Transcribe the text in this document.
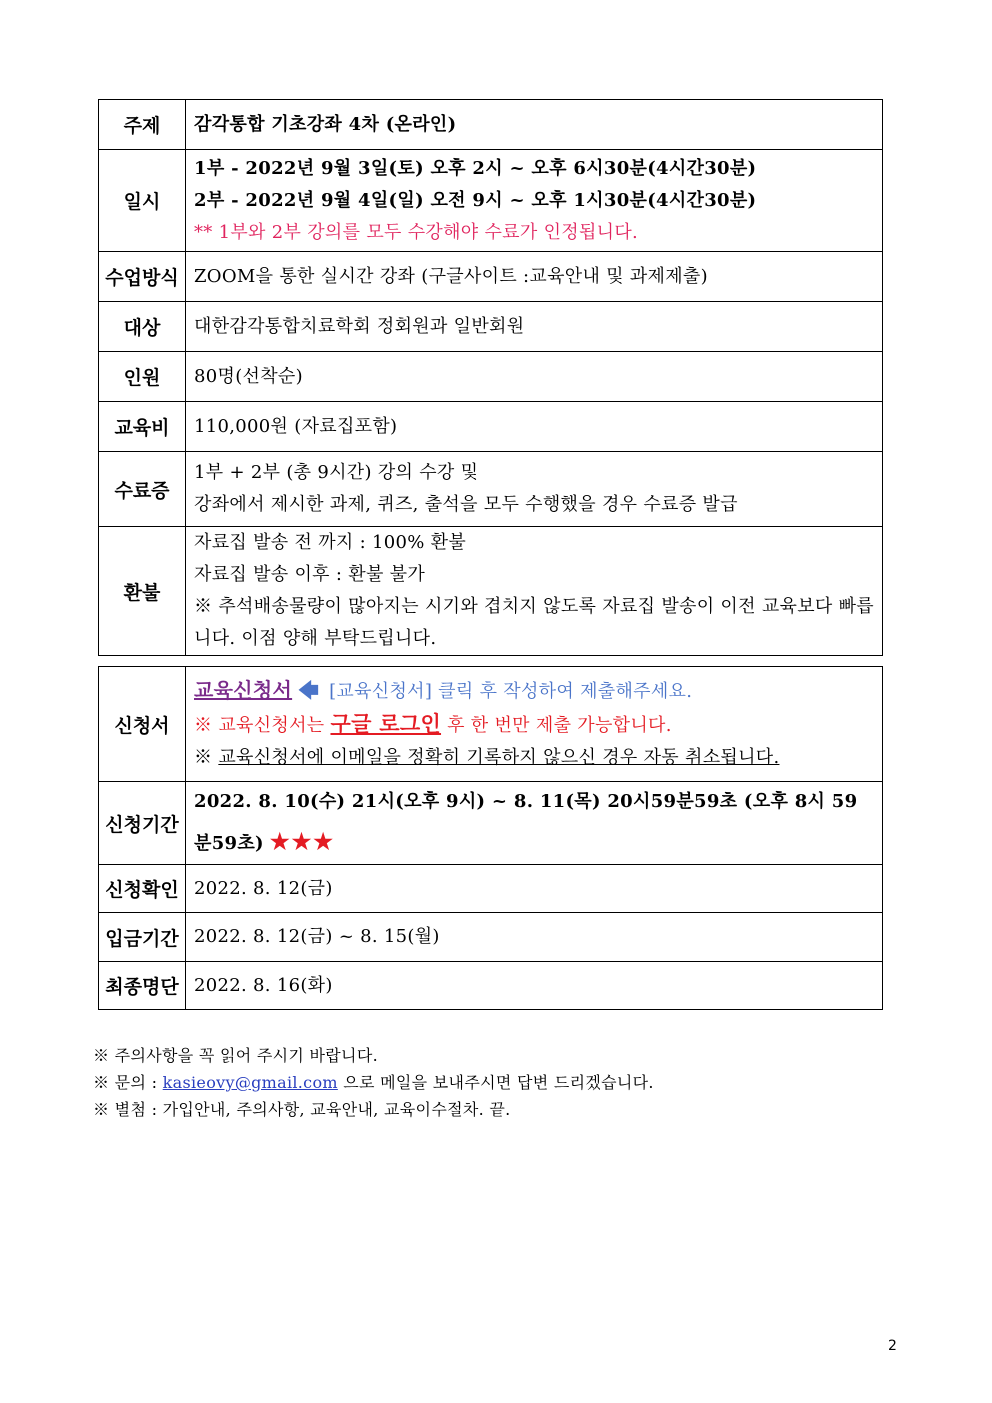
주제	감각통합 기초강좌 4차 (온라인)
일시	1부 - 2022년 9월 3일(토) 오후 2시 ~ 오후 6시30분(4시간30분)
2부 - 2022년 9월 4일(일) 오전 9시 ~ 오후 1시30분(4시간30분)
** 1부와 2부 강의를 모두 수강해야 수료가 인정됩니다.

수업방식	ZOOM을 통한 실시간 강좌 (구글사이트 :교육안내 및 과제제출)
대상	대한감각통합치료학회 정회원과 일반회원
인원	80명(선착순)
교육비	110,000원 (자료집포함)
수료증	1부 + 2부 (총 9시간) 강의 수강 및
강좌에서 제시한 과제, 퀴즈, 출석을 모두 수행했을 경우 수료증 발급

환불	자료집 발송 전 까지 : 100% 환불
자료집 발송 이후 : 환불 불가
※ 추석배송물량이 많아지는 시기와 겹치지 않도록 자료집 발송이 이전 교육보다 빠릅니다. 이점 양해 부탁드립니다.
신청서	교육신청서 🡄 [교육신청서] 클릭 후 작성하여 제출해주세요.
※ 교육신청서는 구글 로그인 후 한 번만 제출 가능합니다.
※ 교육신청서에 이메일을 정확히 기록하지 않으신 경우 자동 취소됩니다.

신청기간	2022. 8. 10(수) 21시(오후 9시) ~ 8. 11(목) 20시59분59초 (오후 8시 59분59초) ★★★
신청확인	2022. 8. 12(금)
입금기간	2022. 8. 12(금) ~ 8. 15(월)
최종명단	2022. 8. 16(화)
※ 주의사항을 꼭 읽어 주시기 바랍니다.
※ 문의 : kasieovy@gmail.com 으로 메일을 보내주시면 답변 드리겠습니다.
※ 별첨 : 가입안내, 주의사항, 교육안내, 교육이수절차. 끝.
2
